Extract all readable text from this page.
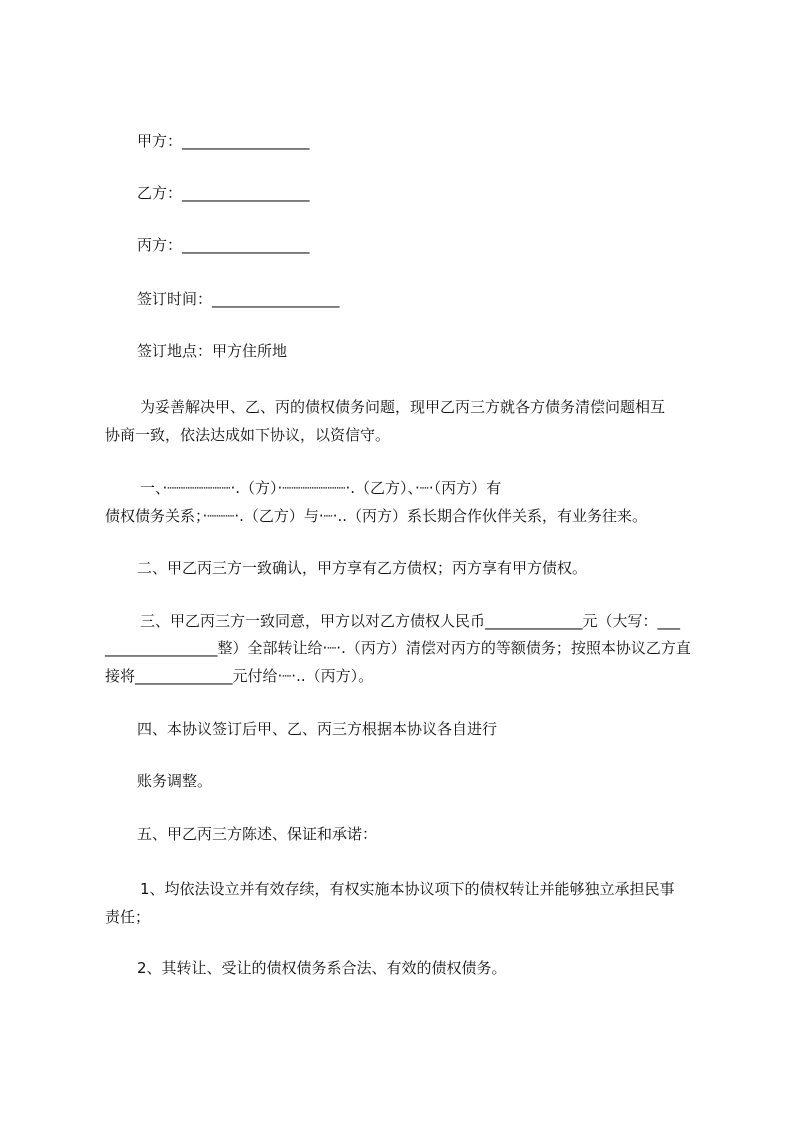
甲方：_________________
乙方：_________________
丙方：_________________
签订时间：_________________
签订地点：甲方住所地
为妥善解决甲、乙、丙的债权债务问题，现甲乙丙三方就各方债务清偿问题相互
协商一致，依法达成如下协议，以资信守。
一、·┈┈┈┈┈┈┈·.（方）·┈┈┈┈┈┈┈·.（乙方）、·┈·（丙方）有
债权债务关系；·┈┈┈·.（乙方）与·┈·..（丙方）系长期合作伙伴关系，有业务往来。
二、甲乙丙三方一致确认，甲方享有乙方债权；丙方享有甲方债权。
三、甲乙丙三方一致同意，甲方以对乙方债权人民币_____________元（大写：___
_______________整）全部转让给·┈·.（丙方）清偿对丙方的等额债务；按照本协议乙方直
接将_____________元付给·┈·..（丙方）。
四、本协议签订后甲、乙、丙三方根据本协议各自进行
账务调整。
五、甲乙丙三方陈述、保证和承诺：
1、均依法设立并有效存续，有权实施本协议项下的债权转让并能够独立承担民事
责任；
2、其转让、受让的债权债务系合法、有效的债权债务。
